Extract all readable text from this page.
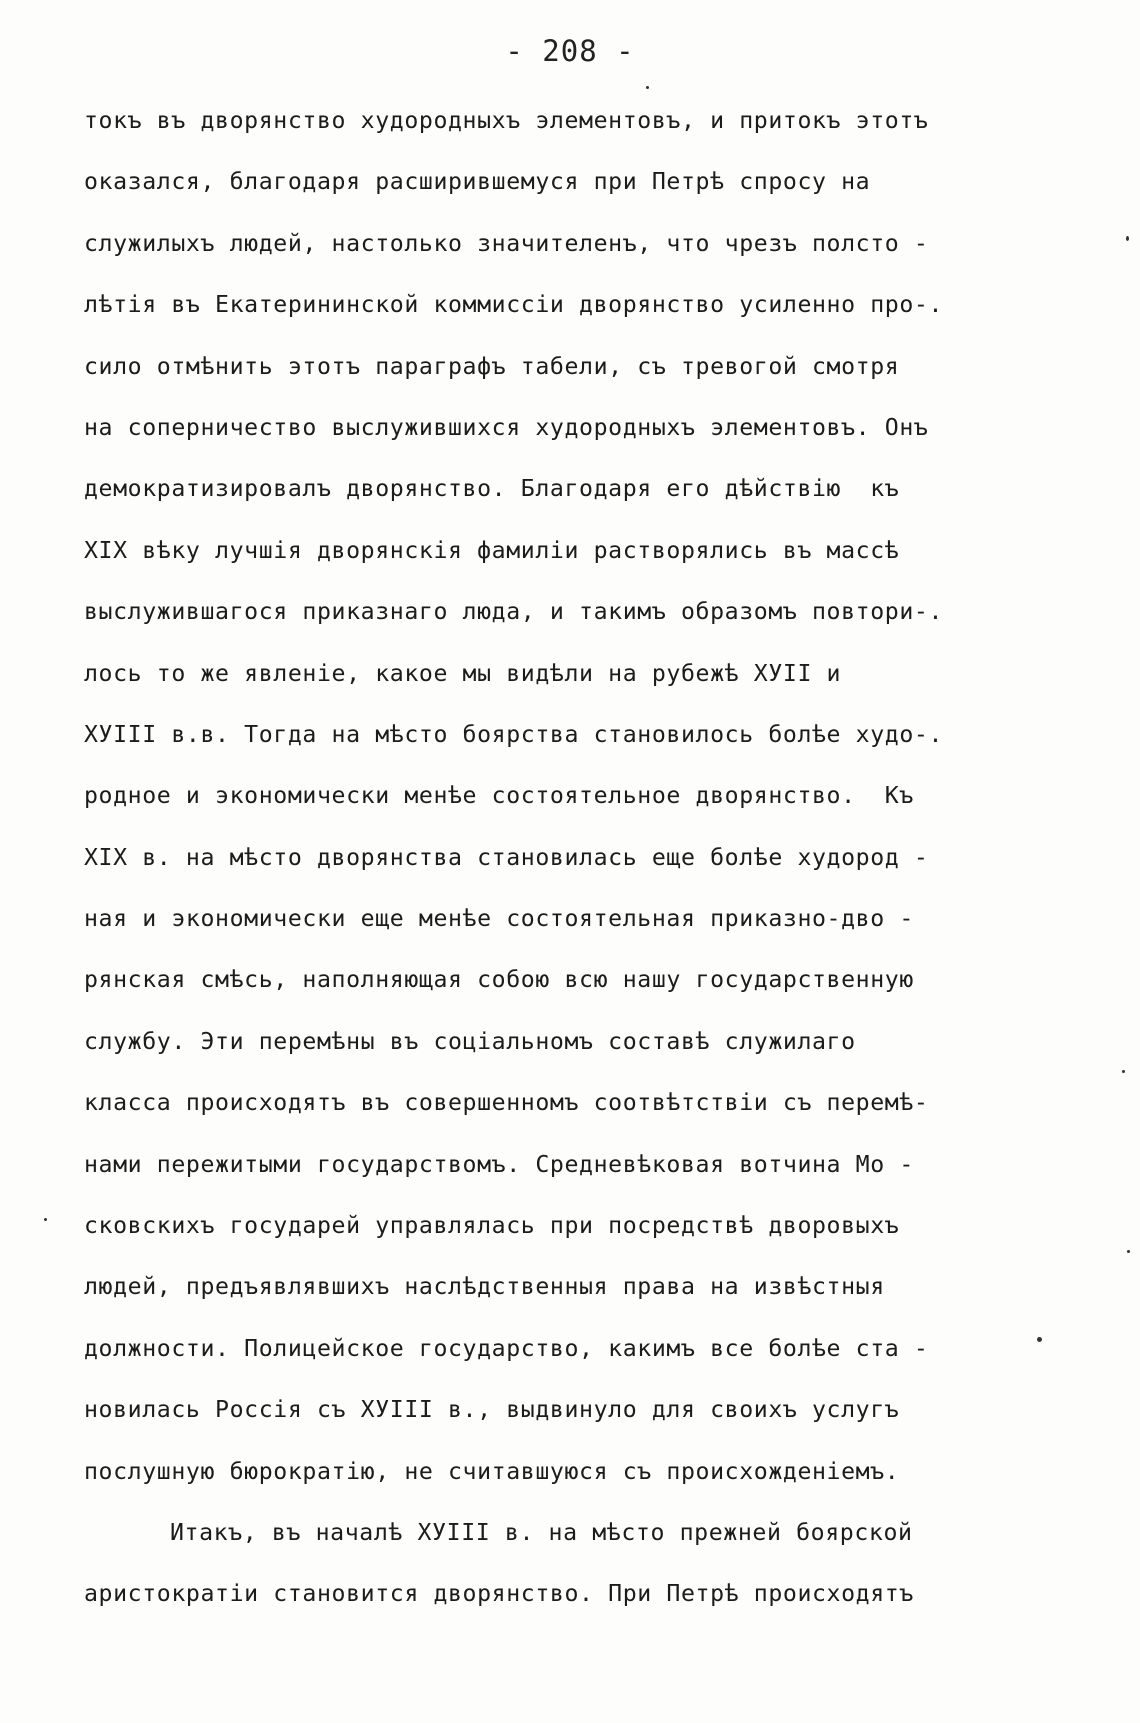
- 208 -
токъ въ дворянство худородныхъ элементовъ, и притокъ этотъ
оказался, благодаря расширившемуся при Петрѣ спросу на
служилыхъ людей, настолько значителенъ, что чрезъ полсто -
лѣтія въ Екатерининской коммиссіи дворянство усиленно про-.
сило отмѣнить этотъ параграфъ табели, съ тревогой смотря
на соперничество выслужившихся худородныхъ элементовъ. Онъ
демократизировалъ дворянство. Благодаря его дѣйствію  къ
XIX вѣку лучшія дворянскія фамиліи растворялись въ массѣ
выслужившагося приказнаго люда, и такимъ образомъ повтори-.
лось то же явленіе, какое мы видѣли на рубежѣ ХУII и
ХУIII в.в. Тогда на мѣсто боярства становилось болѣе худо-.
родное и экономически менѣе состоятельное дворянство.  Къ
XIX в. на мѣсто дворянства становилась еще болѣе худород -
ная и экономически еще менѣе состоятельная приказно-дво -
рянская смѣсь, наполняющая собою всю нашу государственную
службу. Эти перемѣны въ соціальномъ составѣ служилаго
класса происходятъ въ совершенномъ соотвѣтствіи съ перемѣ-
нами пережитыми государствомъ. Средневѣковая вотчина Мо -
сковскихъ государей управлялась при посредствѣ дворовыхъ
людей, предъявлявшихъ наслѣдственныя права на извѣстныя
должности. Полицейское государство, какимъ все болѣе ста -
новилась Россія съ ХУIII в., выдвинуло для своихъ услугъ
послушную бюрократію, не считавшуюся съ происхожденіемъ.
Итакъ, въ началѣ ХУIII в. на мѣсто прежней боярской
аристократіи становится дворянство. При Петрѣ происходятъ
